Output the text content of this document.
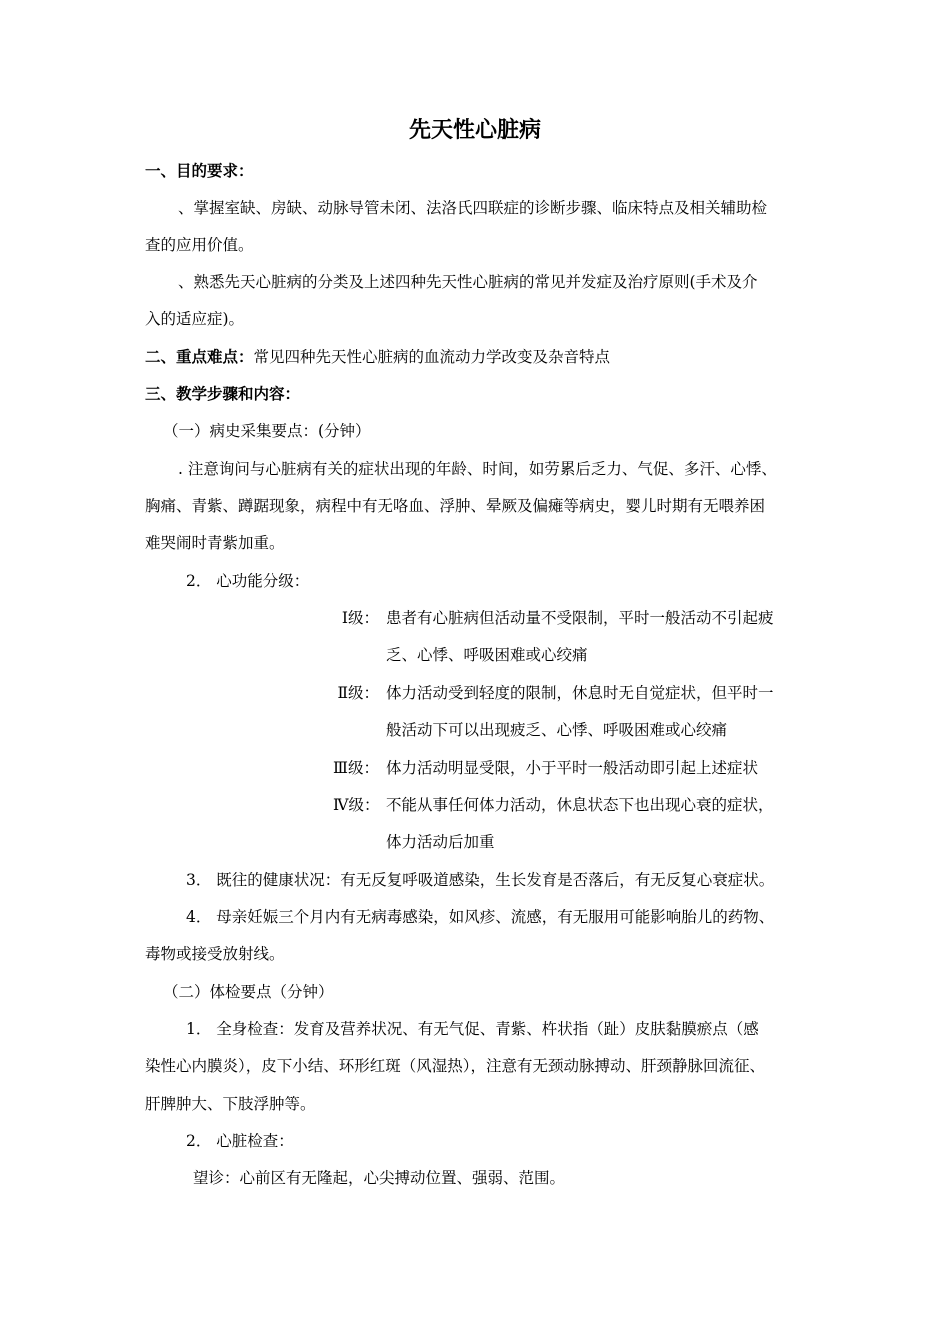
先天性心脏病
一、目的要求：
、掌握室缺、房缺、动脉导管未闭、法洛氏四联症的诊断步骤、临床特点及相关辅助检
查的应用价值。
、熟悉先天心脏病的分类及上述四种先天性心脏病的常见并发症及治疗原则(手术及介
入的适应症)。
二、重点难点：常见四种先天性心脏病的血流动力学改变及杂音特点
三、教学步骤和内容：
（一）病史采集要点：(分钟）
. 注意询问与心脏病有关的症状出现的年龄、时间，如劳累后乏力、气促、多汗、心悸、
胸痛、青紫、蹲踞现象，病程中有无咯血、浮肿、晕厥及偏瘫等病史，婴儿时期有无喂养困
难哭闹时青紫加重。
2． 心功能分级：
Ⅰ级： 患者有心脏病但活动量不受限制，平时一般活动不引起疲
乏、心悸、呼吸困难或心绞痛
Ⅱ级： 体力活动受到轻度的限制，休息时无自觉症状，但平时一
般活动下可以出现疲乏、心悸、呼吸困难或心绞痛
Ⅲ级： 体力活动明显受限，小于平时一般活动即引起上述症状
Ⅳ级： 不能从事任何体力活动，休息状态下也出现心衰的症状，
体力活动后加重
3． 既往的健康状况：有无反复呼吸道感染，生长发育是否落后，有无反复心衰症状。
4． 母亲妊娠三个月内有无病毒感染，如风疹、流感，有无服用可能影响胎儿的药物、
毒物或接受放射线。
（二）体检要点（分钟）
1． 全身检查：发育及营养状况、有无气促、青紫、杵状指（趾）皮肤黏膜瘀点（感
染性心内膜炎），皮下小结、环形红斑（风湿热），注意有无颈动脉搏动、肝颈静脉回流征、
肝脾肿大、下肢浮肿等。
2． 心脏检查：
望诊：心前区有无隆起，心尖搏动位置、强弱、范围。
